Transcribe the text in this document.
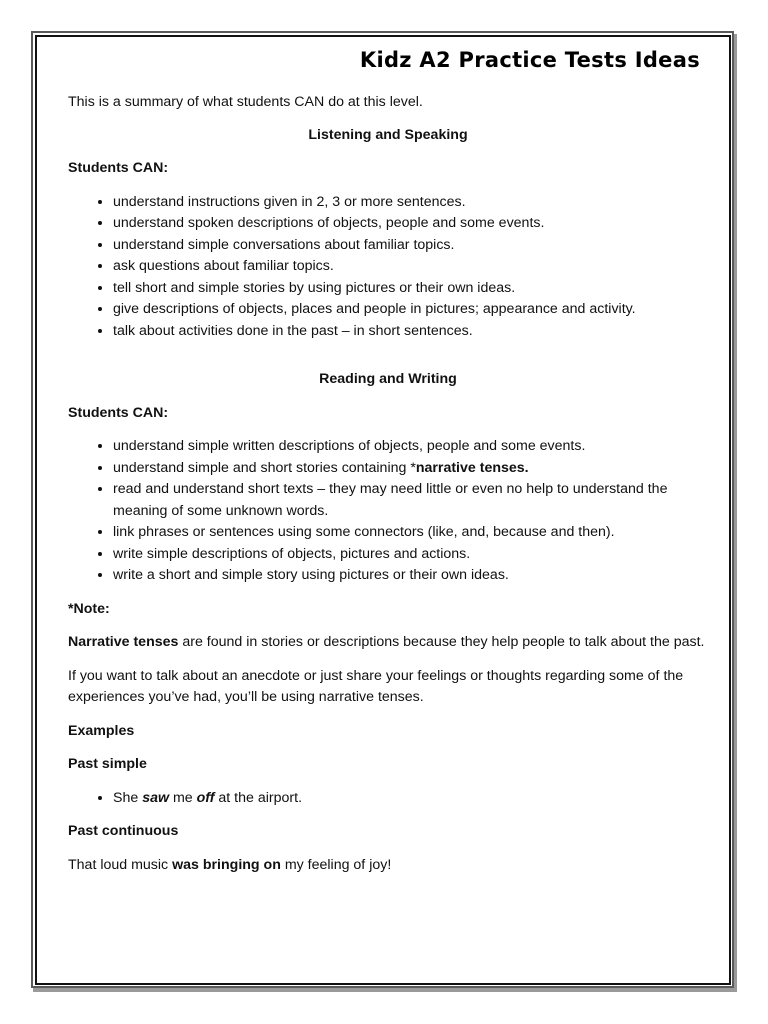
Kidz A2 Practice Tests Ideas

This is a summary of what students CAN do at this level.

Listening and Speaking

Students CAN:

• understand instructions given in 2, 3 or more sentences.
• understand spoken descriptions of objects, people and some events.
• understand simple conversations about familiar topics.
• ask questions about familiar topics.
• tell short and simple stories by using pictures or their own ideas.
• give descriptions of objects, places and people in pictures; appearance and activity.
• talk about activities done in the past – in short sentences.

Reading and Writing

Students CAN:

• understand simple written descriptions of objects, people and some events.
• understand simple and short stories containing *narrative tenses.
• read and understand short texts – they may need little or even no help to understand the meaning of some unknown words.
• link phrases or sentences using some connectors (like, and, because and then).
• write simple descriptions of objects, pictures and actions.
• write a short and simple story using pictures or their own ideas.

*Note:

Narrative tenses are found in stories or descriptions because they help people to talk about the past.

If you want to talk about an anecdote or just share your feelings or thoughts regarding some of the experiences you’ve had, you’ll be using narrative tenses.

Examples

Past simple

• She saw me off at the airport.

Past continuous

That loud music was bringing on my feeling of joy!
